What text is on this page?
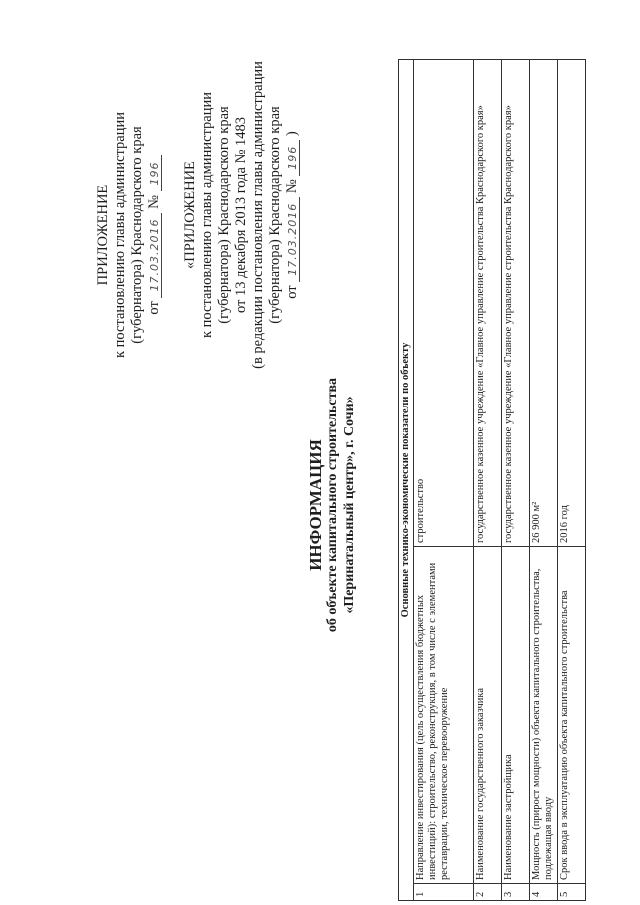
ПРИЛОЖЕНИЕ к постановлению главы администрации (губернатора) Краснодарского края от 17.03.2016 № 196 «ПРИЛОЖЕНИЕ к постановлению главы администрации (губернатора) Краснодарского края от 13 декабря 2013 года № 1483 (в редакции постановления главы администрации (губернатора) Краснодарского края от 17.03.2016 № 196 )
ИНФОРМАЦИЯ об объекте капитального строительства «Перинатальный центр», г. Сочи»	Основные технико-экономические показатели по объекту		
1	Направление инвестирования (цель осуществления бюджетных инвестиций): строительство, реконструкция, в том числе с элементами реставрации, техническое перевооружение	строительство
2	Наименование государственного заказчика	государственное казенное учреждение «Главное управление строительства Краснодарского края»
3	Наименование застройщика	государственное казенное учреждение «Главное управление строительства Краснодарского края»
4	Мощность (прирост мощности) объекта капитального строительства, подлежащая вводу	26 900 м²
5	Срок ввода в эксплуатацию объекта капитального строительства	2016 год
